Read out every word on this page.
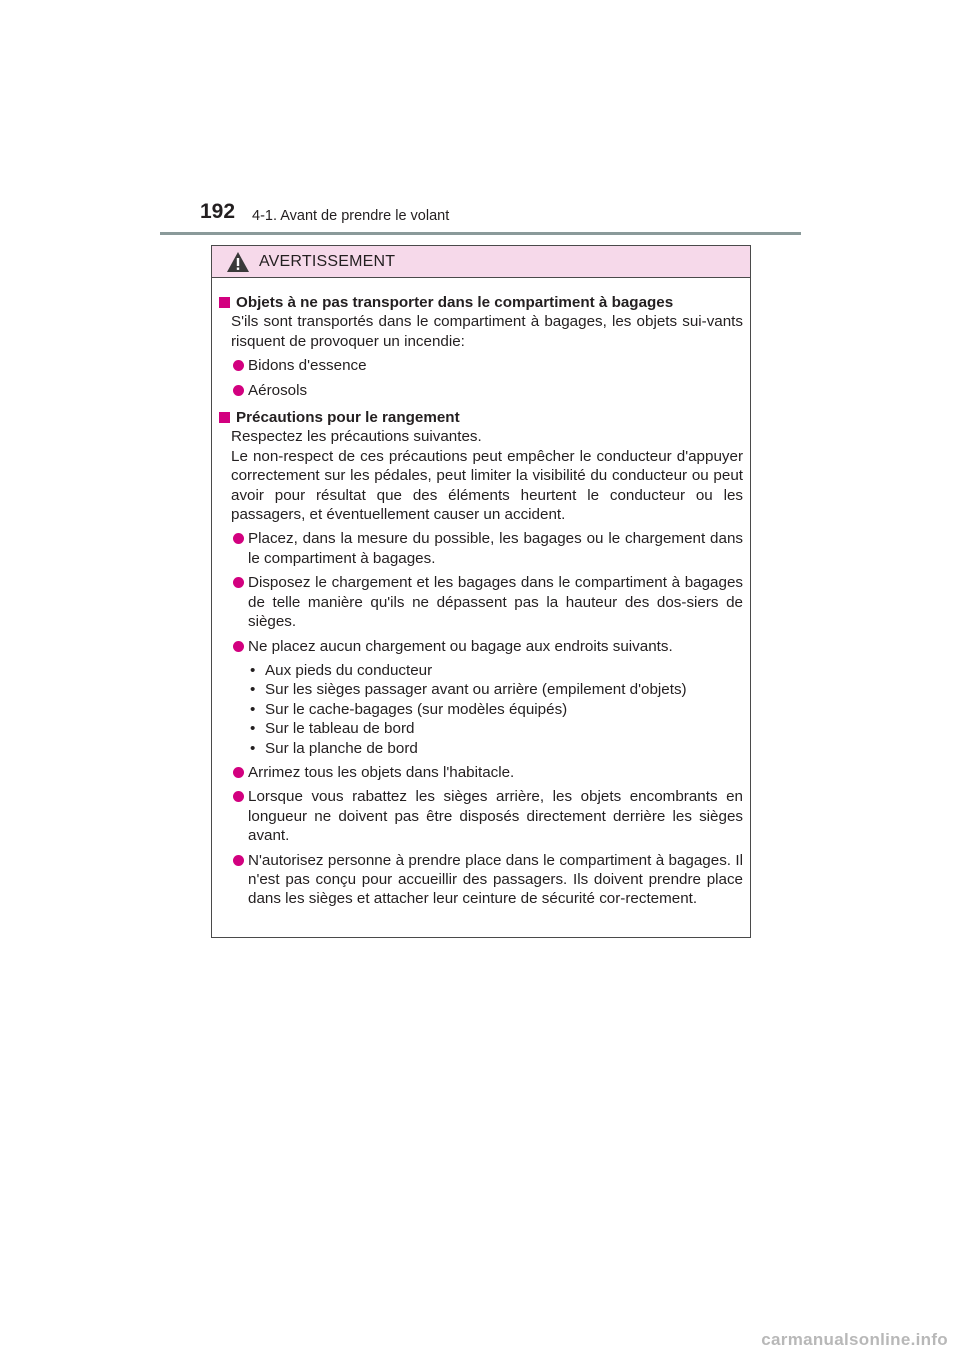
192 4-1. Avant de prendre le volant
AVERTISSEMENT
Objets à ne pas transporter dans le compartiment à bagages
S'ils sont transportés dans le compartiment à bagages, les objets sui-vants risquent de provoquer un incendie:
Bidons d'essence
Aérosols
Précautions pour le rangement
Respectez les précautions suivantes.
Le non-respect de ces précautions peut empêcher le conducteur d'appuyer correctement sur les pédales, peut limiter la visibilité du conducteur ou peut avoir pour résultat que des éléments heurtent le conducteur ou les passagers, et éventuellement causer un accident.
Placez, dans la mesure du possible, les bagages ou le chargement dans le compartiment à bagages.
Disposez le chargement et les bagages dans le compartiment à bagages de telle manière qu'ils ne dépassent pas la hauteur des dos-siers de sièges.
Ne placez aucun chargement ou bagage aux endroits suivants.
• Aux pieds du conducteur
• Sur les sièges passager avant ou arrière (empilement d'objets)
• Sur le cache-bagages (sur modèles équipés)
• Sur le tableau de bord
• Sur la planche de bord
Arrimez tous les objets dans l'habitacle.
Lorsque vous rabattez les sièges arrière, les objets encombrants en longueur ne doivent pas être disposés directement derrière les sièges avant.
N'autorisez personne à prendre place dans le compartiment à bagages. Il n'est pas conçu pour accueillir des passagers. Ils doivent prendre place dans les sièges et attacher leur ceinture de sécurité cor-rectement.
carmanualsonline.info
